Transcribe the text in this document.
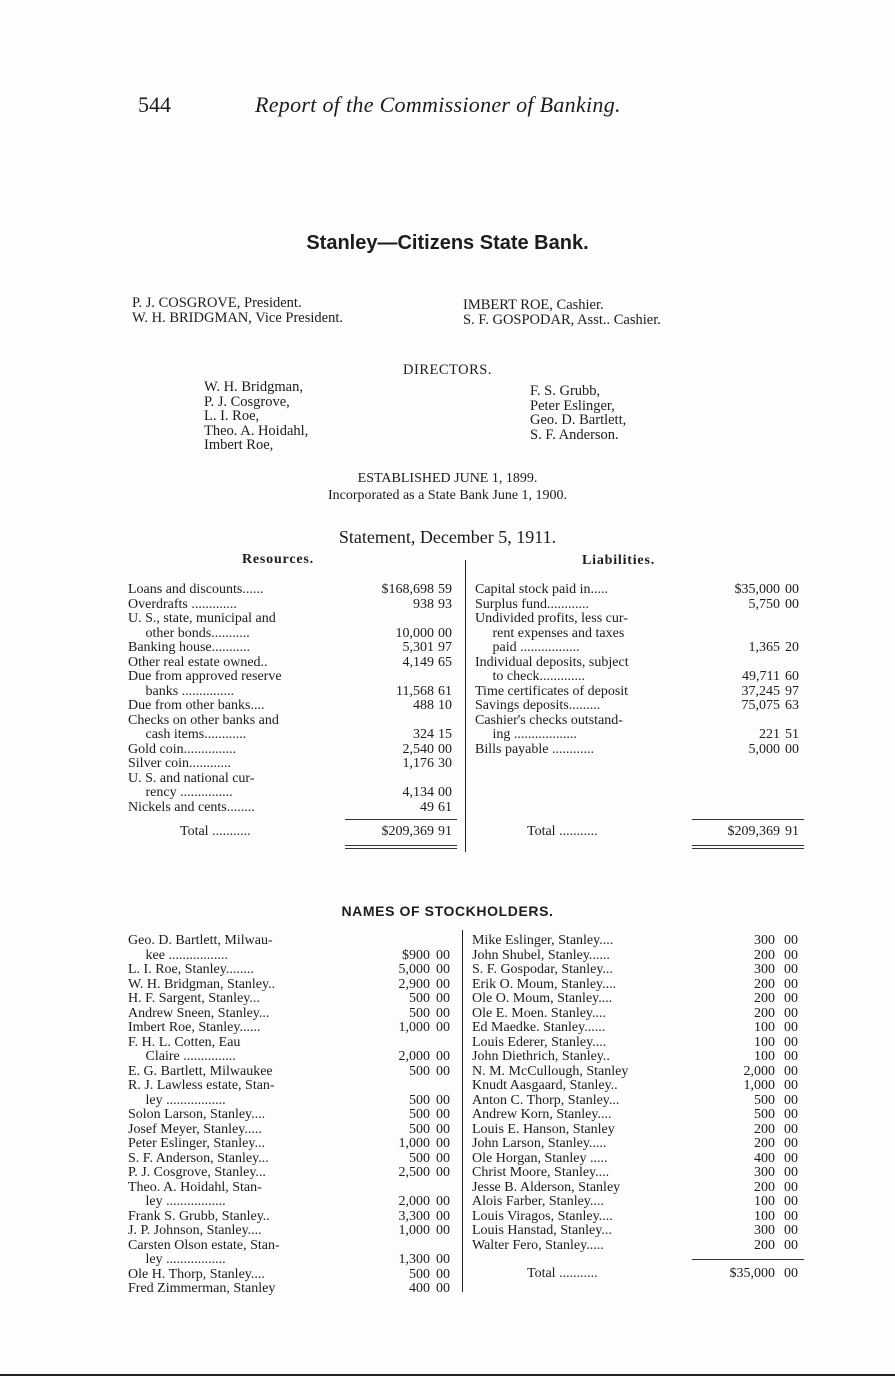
544	Report of the Commissioner of Banking.
Stanley—Citizens State Bank.
P. J. COSGROVE, President.
W. H. BRIDGMAN, Vice President.
IMBERT ROE, Cashier.
S. F. GOSPODAR, Asst.. Cashier.
DIRECTORS.
W. H. Bridgman,
P. J. Cosgrove,
L. I. Roe,
Theo. A. Hoidahl,
Imbert Roe,
F. S. Grubb,
Peter Eslinger,
Geo. D. Bartlett,
S. F. Anderson.
ESTABLISHED JUNE 1, 1899.
Incorporated as a State Bank June 1, 1900.
Statement, December 5, 1911.
Resources.	Liabilities.
Loans and discounts......	$168,698 59
Overdrafts .............	938 93
U. S., state, municipal and
  other bonds...........	10,000 00
Banking house...........	5,301 97
Other real estate owned..	4,149 65
Due from approved reserve
  banks ...............	11,568 61
Due from other banks....	488 10
Checks on other banks and
  cash items............	324 15
Gold coin...............	2,540 00
Silver coin............	1,176 30
U. S. and national cur-
  rency ...............	4,134 00
Nickels and cents........	49 61
Capital stock paid in.....	$35,000 00
Surplus fund............	5,750 00
Undivided profits, less cur-
  rent expenses and taxes
  paid .................	1,365 20
Individual deposits, subject
  to check.............	49,711 60
Time certificates of deposit	37,245 97
Savings deposits.........	75,075 63
Cashier's checks outstand-
  ing ..................	221 51
Bills payable ............	5,000 00
Total ...........	$209,369 91	Total ...........	$209,369 91
NAMES OF STOCKHOLDERS.
Geo. D. Bartlett, Milwau-
  kee .................	$900 00
L. I. Roe, Stanley........	5,000 00
W. H. Bridgman, Stanley..	2,900 00
H. F. Sargent, Stanley...	500 00
Andrew Sneen, Stanley...	500 00
Imbert Roe, Stanley......	1,000 00
F. H. L. Cotten, Eau
  Claire ...............	2,000 00
E. G. Bartlett, Milwaukee	500 00
R. J. Lawless estate, Stan-
  ley .................	500 00
Solon Larson, Stanley....	500 00
Josef Meyer, Stanley.....	500 00
Peter Eslinger, Stanley...	1,000 00
S. F. Anderson, Stanley...	500 00
P. J. Cosgrove, Stanley...	2,500 00
Theo. A. Hoidahl, Stan-
  ley .................	2,000 00
Frank S. Grubb, Stanley..	3,300 00
J. P. Johnson, Stanley....	1,000 00
Carsten Olson estate, Stan-
  ley .................	1,300 00
Ole H. Thorp, Stanley....	500 00
Fred Zimmerman, Stanley	400 00
Mike Eslinger, Stanley....	300 00
John Shubel, Stanley......	200 00
S. F. Gospodar, Stanley...	300 00
Erik O. Moum, Stanley....	200 00
Ole O. Moum, Stanley....	200 00
Ole E. Moen. Stanley....	200 00
Ed Maedke. Stanley......	100 00
Louis Ederer, Stanley....	100 00
John Diethrich, Stanley..	100 00
N. M. McCullough, Stanley	2,000 00
Knudt Aasgaard, Stanley..	1,000 00
Anton C. Thorp, Stanley...	500 00
Andrew Korn, Stanley....	500 00
Louis E. Hanson, Stanley	200 00
John Larson, Stanley.....	200 00
Ole Horgan, Stanley .....	400 00
Christ Moore, Stanley....	300 00
Jesse B. Alderson, Stanley	200 00
Alois Farber, Stanley....	100 00
Louis Viragos, Stanley....	100 00
Louis Hanstad, Stanley...	300 00
Walter Fero, Stanley.....	200 00
Total ...........	$35,000 00
